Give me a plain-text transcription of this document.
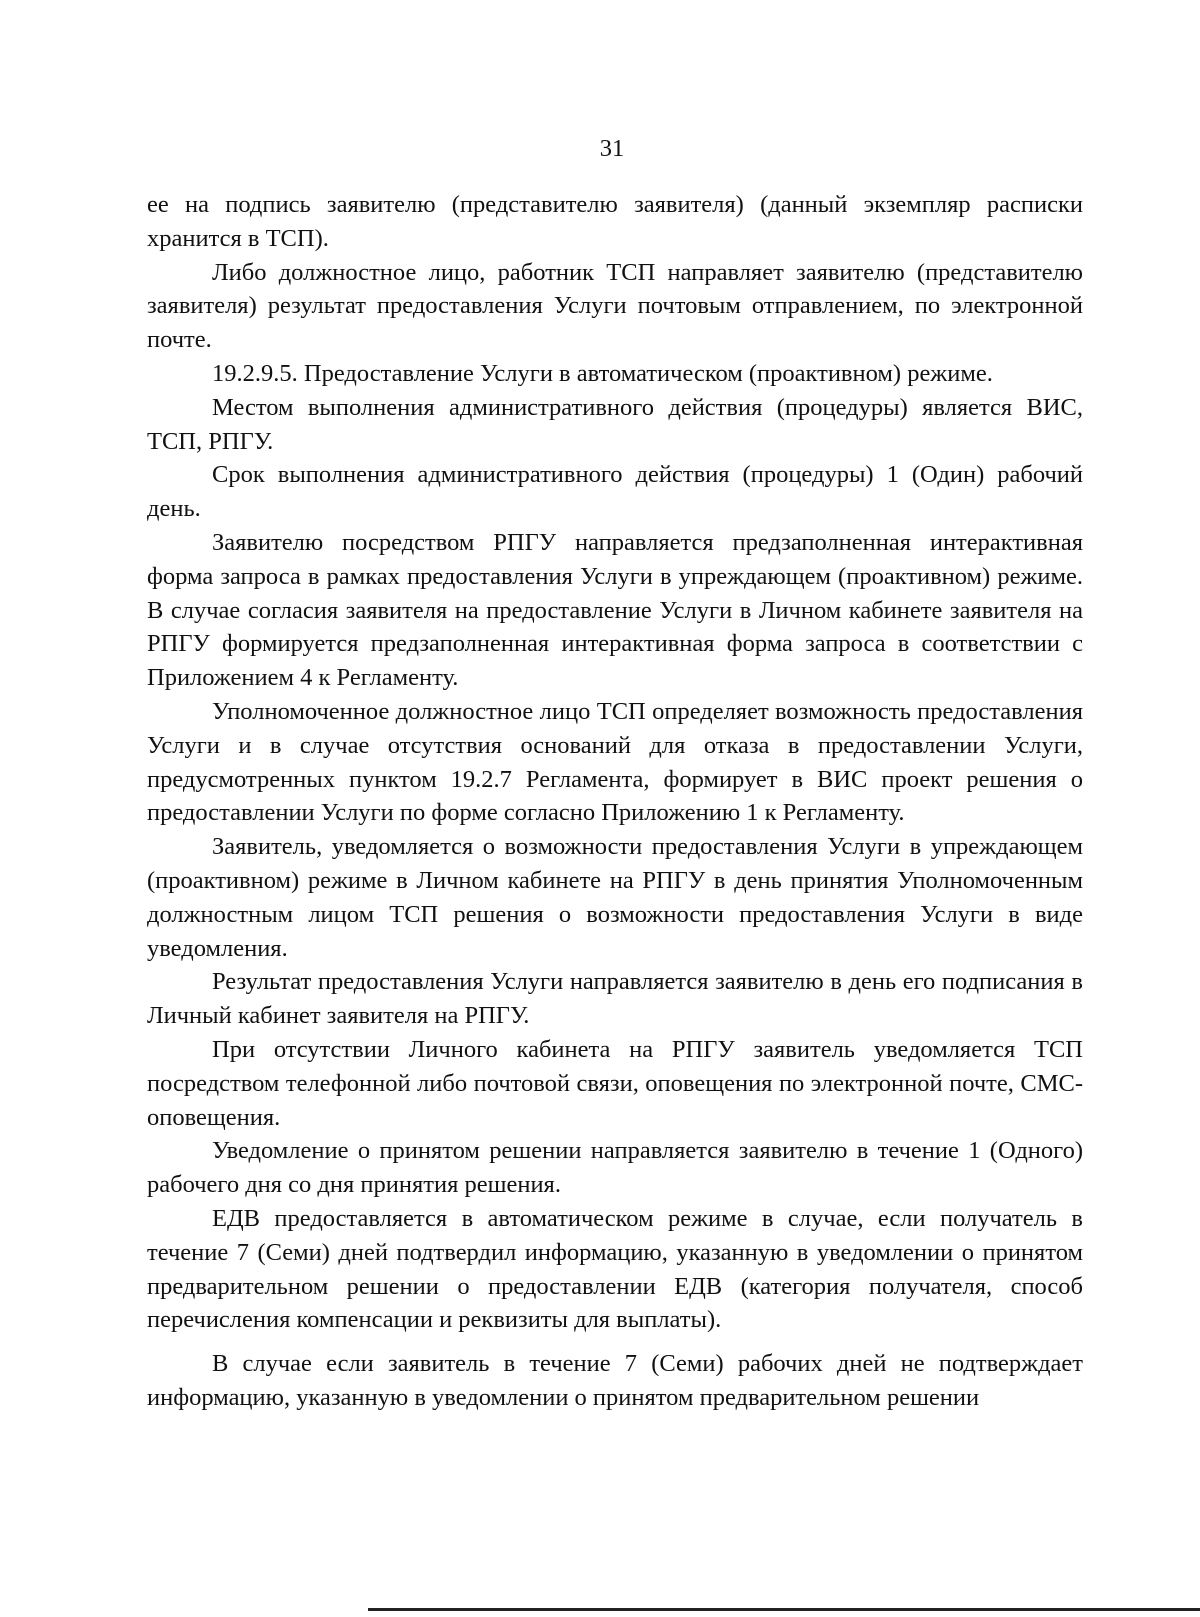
31

ее на подпись заявителю (представителю заявителя) (данный экземпляр расписки хранится в ТСП).

Либо должностное лицо, работник ТСП направляет заявителю (представителю заявителя) результат предоставления Услуги почтовым отправлением, по электронной почте.

19.2.9.5. Предоставление Услуги в автоматическом (проактивном) режиме.

Местом выполнения административного действия (процедуры) является ВИС, ТСП, РПГУ.

Срок выполнения административного действия (процедуры) 1 (Один) рабочий день.

Заявителю посредством РПГУ направляется предзаполненная интерактивная форма запроса в рамках предоставления Услуги в упреждающем (проактивном) режиме. В случае согласия заявителя на предоставление Услуги в Личном кабинете заявителя на РПГУ формируется предзаполненная интерактивная форма запроса в соответствии с Приложением 4 к Регламенту.

Уполномоченное должностное лицо ТСП определяет возможность предоставления Услуги и в случае отсутствия оснований для отказа в предоставлении Услуги, предусмотренных пунктом 19.2.7 Регламента, формирует в ВИС проект решения о предоставлении Услуги по форме согласно Приложению 1 к Регламенту.

Заявитель, уведомляется о возможности предоставления Услуги в упреждающем (проактивном) режиме в Личном кабинете на РПГУ в день принятия Уполномоченным должностным лицом ТСП решения о возможности предоставления Услуги в виде уведомления.

Результат предоставления Услуги направляется заявителю в день его подписания в Личный кабинет заявителя на РПГУ.

При отсутствии Личного кабинета на РПГУ заявитель уведомляется ТСП посредством телефонной либо почтовой связи, оповещения по электронной почте, СМС-оповещения.

Уведомление о принятом решении направляется заявителю в течение 1 (Одного) рабочего дня со дня принятия решения.

ЕДВ предоставляется в автоматическом режиме в случае, если получатель в течение 7 (Семи) дней подтвердил информацию, указанную в уведомлении о принятом предварительном решении о предоставлении ЕДВ (категория получателя, способ перечисления компенсации и реквизиты для выплаты).

В случае если заявитель в течение 7 (Семи) рабочих дней не подтверждает информацию, указанную в уведомлении о принятом предварительном решении
